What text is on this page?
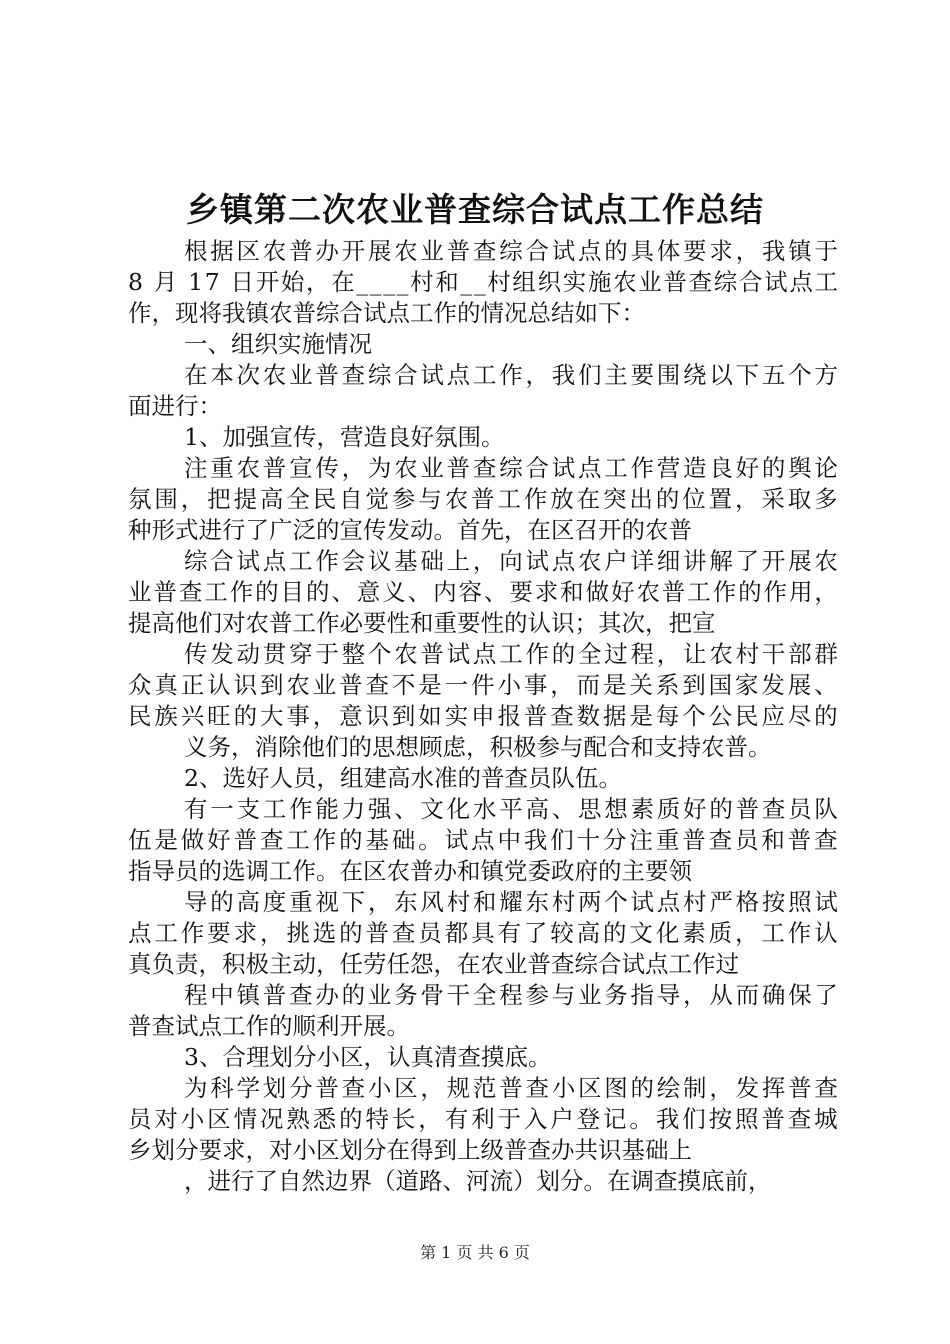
乡镇第二次农业普查综合试点工作总结
根 据 区 农 普 办 开 展 农 业 普 查 综 合 试 点 的 具 体 要 求 ， 我 镇 于
8
月
1 7
日 开 始 ， 在 _ _ _ _ 村 和 _ _ 村 组 织 实 施 农 业 普 查 综 合 试 点 工
作，现将我镇农普综合试点工作的情况总结如下：
一、组织实施情况
在 本 次 农 业 普 查 综 合 试 点 工 作 ， 我 们 主 要 围 绕 以 下 五 个 方
面进行：
1、加强宣传，营造良好氛围。
注 重 农 普 宣 传 ， 为 农 业 普 查 综 合 试 点 工 作 营 造 良 好 的 舆 论
氛 围 ， 把 提 高 全 民 自 觉 参 与 农 普 工 作 放 在 突 出 的 位 置 ， 采 取 多
种形式进行了广泛的宣传发动。首先，在区召开的农普
综 合 试 点 工 作 会 议 基 础 上 ， 向 试 点 农 户 详 细 讲 解 了 开 展 农
业 普 查 工 作 的 目 的 、 意 义 、 内 容 、 要 求 和 做 好 农 普 工 作 的 作 用 ，
提高他们对农普工作必要性和重要性的认识；其次，把宣
传 发 动 贯 穿 于 整 个 农 普 试 点 工 作 的 全 过 程 ， 让 农 村 干 部 群
众 真 正 认 识 到 农 业 普 查 不 是 一 件 小 事 ， 而 是 关 系 到 国 家 发 展 、
民 族 兴 旺 的 大 事 ， 意 识 到 如 实 申 报 普 查 数 据 是 每 个 公 民 应 尽 的
义务，消除他们的思想顾虑，积极参与配合和支持农普。
2、选好人员，组建高水准的普查员队伍。
有 一 支 工 作 能 力 强 、 文 化 水 平 高 、 思 想 素 质 好 的 普 查 员 队
伍 是 做 好 普 查 工 作 的 基 础 。 试 点 中 我 们 十 分 注 重 普 查 员 和 普 查
指导员的选调工作。在区农普办和镇党委政府的主要领
导 的 高 度 重 视 下 ， 东 风 村 和 耀 东 村 两 个 试 点 村 严 格 按 照 试
点 工 作 要 求 ， 挑 选 的 普 查 员 都 具 有 了 较 高 的 文 化 素 质 ， 工 作 认
真负责，积极主动，任劳任怨，在农业普查综合试点工作过
程 中 镇 普 查 办 的 业 务 骨 干 全 程 参 与 业 务 指 导 ， 从 而 确 保 了
普查试点工作的顺利开展。
3、合理划分小区，认真清查摸底。
为 科 学 划 分 普 查 小 区 ， 规 范 普 查 小 区 图 的 绘 制 ， 发 挥 普 查
员 对 小 区 情 况 熟 悉 的 特 长 ， 有 利 于 入 户 登 记 。 我 们 按 照 普 查 城
乡划分要求，对小区划分在得到上级普查办共识基础上
，进行了自然边界（道路、河流）划分。在调查摸底前，
第 1 页 共 6 页
